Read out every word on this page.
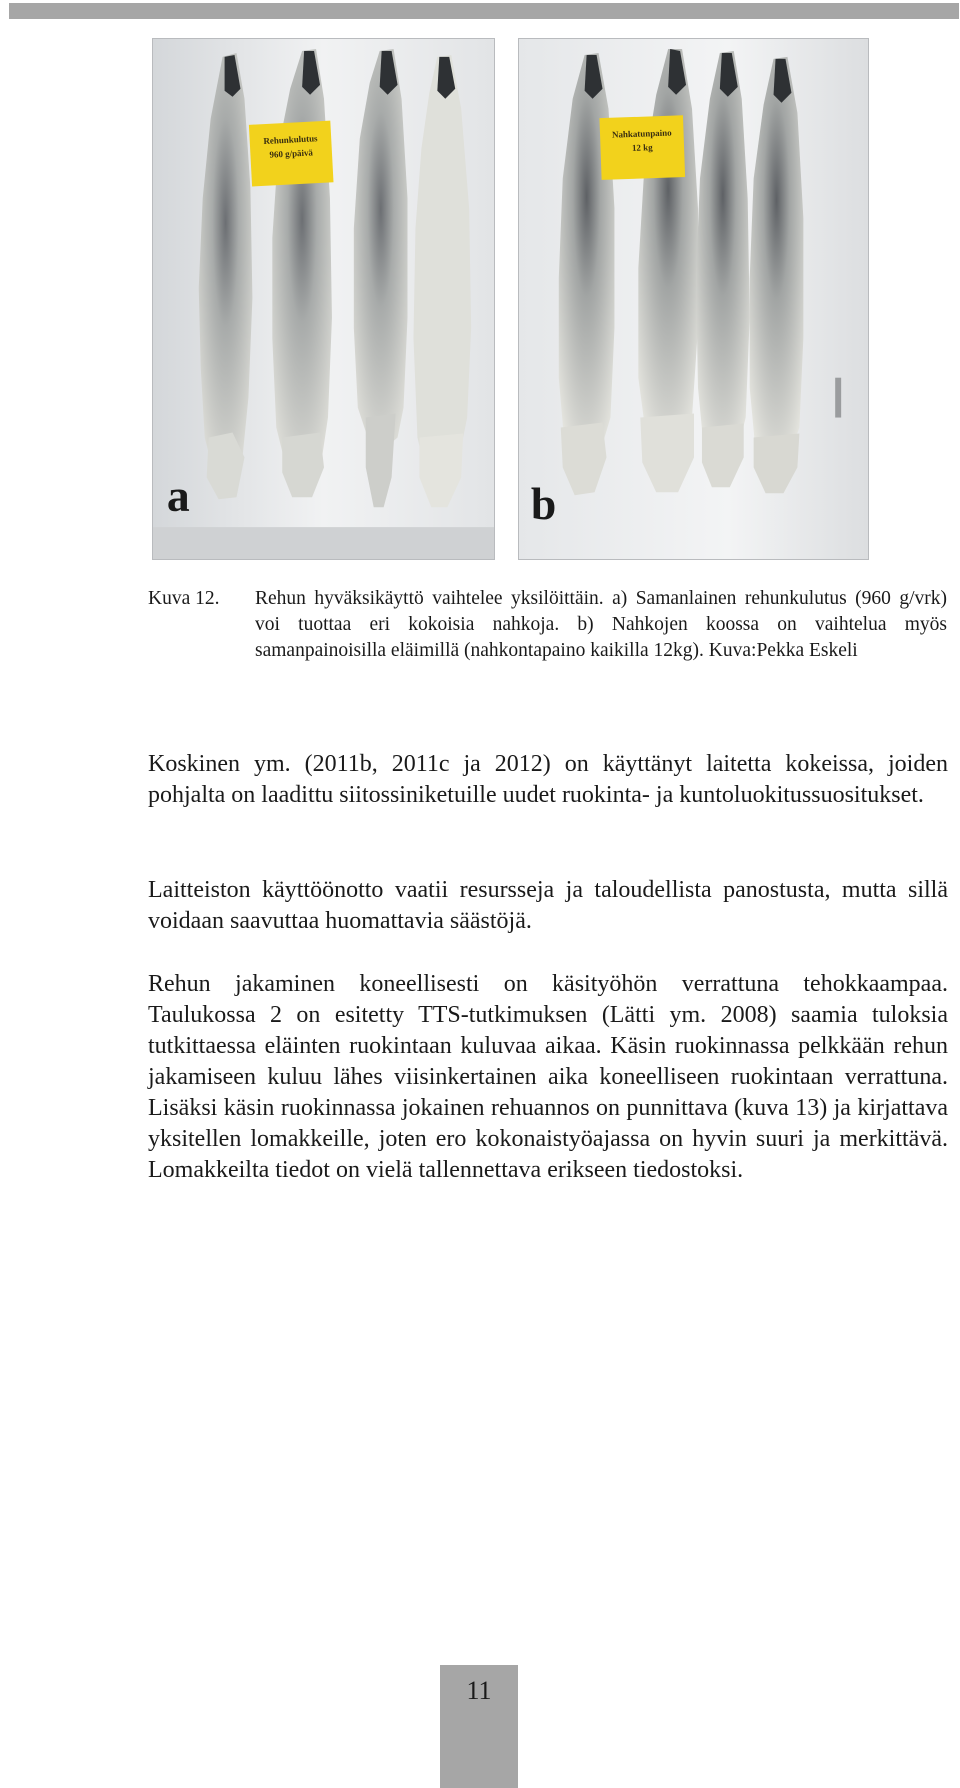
Rehunkulutus
960 g/päivä
a
Nahkatunpaino
12 kg
b
Kuva 12. Rehun hyväksikäyttö vaihtelee yksilöittäin. a) Samanlainen rehunkulutus (960 g/vrk) voi tuottaa eri kokoisia nahkoja. b) Nahkojen koossa on vaihtelua myös samanpainoisilla eläimillä (nahkontapaino kaikilla 12kg). Kuva:Pekka Eskeli

Koskinen ym. (2011b, 2011c ja 2012) on käyttänyt laitetta kokeissa, joiden pohjalta on laadittu siitossiniketuille uudet ruokinta- ja kuntoluokitussuositukset.

Laitteiston käyttöönotto vaatii resursseja ja taloudellista panostusta, mutta sillä voidaan saavuttaa huomattavia säästöjä.

Rehun jakaminen koneellisesti on käsityöhön verrattuna tehokkaampaa. Taulukossa 2 on esitetty TTS-tutkimuksen (Lätti ym. 2008) saamia tuloksia tutkittaessa eläinten ruokintaan kuluvaa aikaa. Käsin ruokinnassa pelkkään rehun jakamiseen kuluu lähes viisinkertainen aika koneelliseen ruokintaan verrattuna. Lisäksi käsin ruokinnassa jokainen rehuannos on punnittava (kuva 13) ja kirjattava yksitellen lomakkeille, joten ero kokonaistyöajassa on hyvin suuri ja merkittävä. Lomakkeilta tiedot on vielä tallennettava erikseen tiedostoksi.

11
